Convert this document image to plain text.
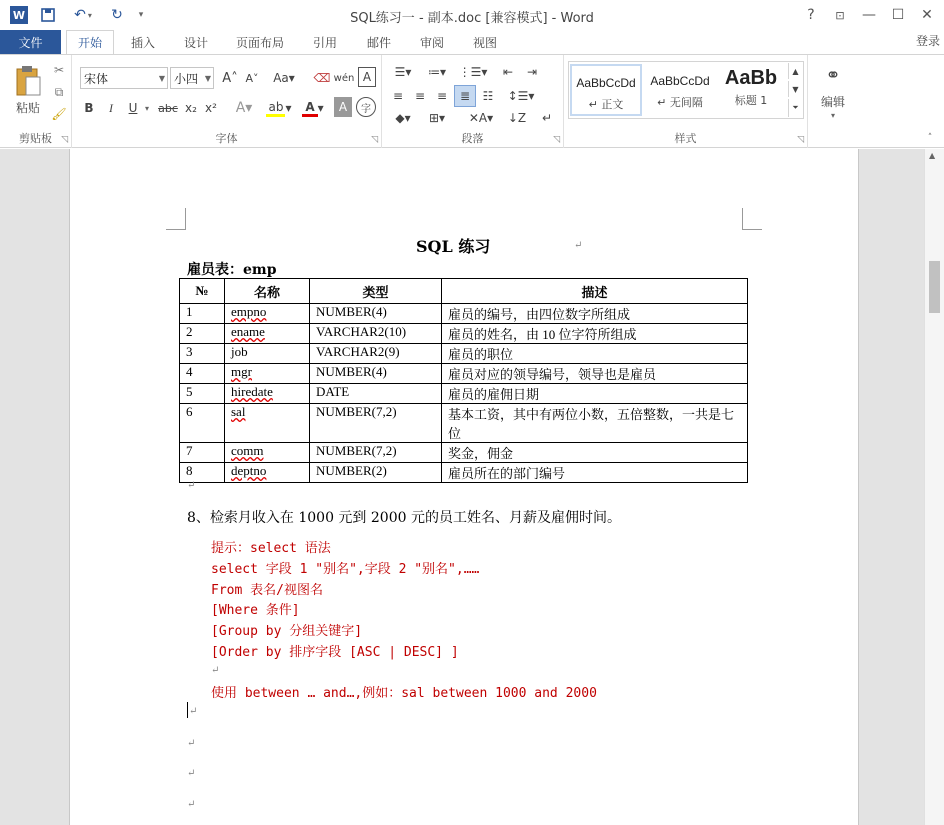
W	↶ ▾	↻	▾	SQL练习一 - 副本.doc [兼容模式] - Word	?	⊡	—	☐	✕
文件	开始	插入	设计	页面布局	引用	邮件	审阅	视图	登录
粘贴
✂
⧉
🖌
剪贴板	◹
宋体	▼ 小四 ▼ A˄ A˅	Aa▾	⌫ wén A
B	I	U ▾ abc x₂ x²	A▾	ab ▾ A ▾	A	字
字体	◹
☰▾	≔▾	⋮☰▾	⇤	⇥
≡ ≡ ≡	≣	☷	↕☰▾
◆▾	⊞▾	✕A▾ ↓Z	↵
段落	◹
AaBbCcDd
↵ 正文
AaBbCcDd
↵ 无间隔
AaBb
标题 1
▲
▼
⏷
样式	◹
⚭
编辑
▾
˄
▲
SQL 练习	↵
雇员表：emp
№	名称	类型	描述
1	empno	NUMBER(4)	雇员的编号，由四位数字所组成
2	ename	VARCHAR2(10)	雇员的姓名，由 10 位字符所组成
3	job	VARCHAR2(9)	雇员的职位
4	mgr	NUMBER(4)	雇员对应的领导编号，领导也是雇员
5	hiredate	DATE	雇员的雇佣日期
6	sal	NUMBER(7,2)	基本工资，其中有两位小数，五倍整数，一共是七位
7	comm	NUMBER(7,2)	奖金，佣金
8	deptno	NUMBER(2)	雇员所在的部门编号
↵
8、检索月收入在 1000 元到 2000 元的员工姓名、月薪及雇佣时间。
提示：select 语法
select 字段 1 "别名",字段 2 "别名",……
From 表名/视图名
[Where 条件]
[Group by 分组关键字]
[Order by 排序字段 [ASC | DESC] ]
↵
使用 between … and…,例如：sal between 1000 and 2000
↵
↵
↵
↵
